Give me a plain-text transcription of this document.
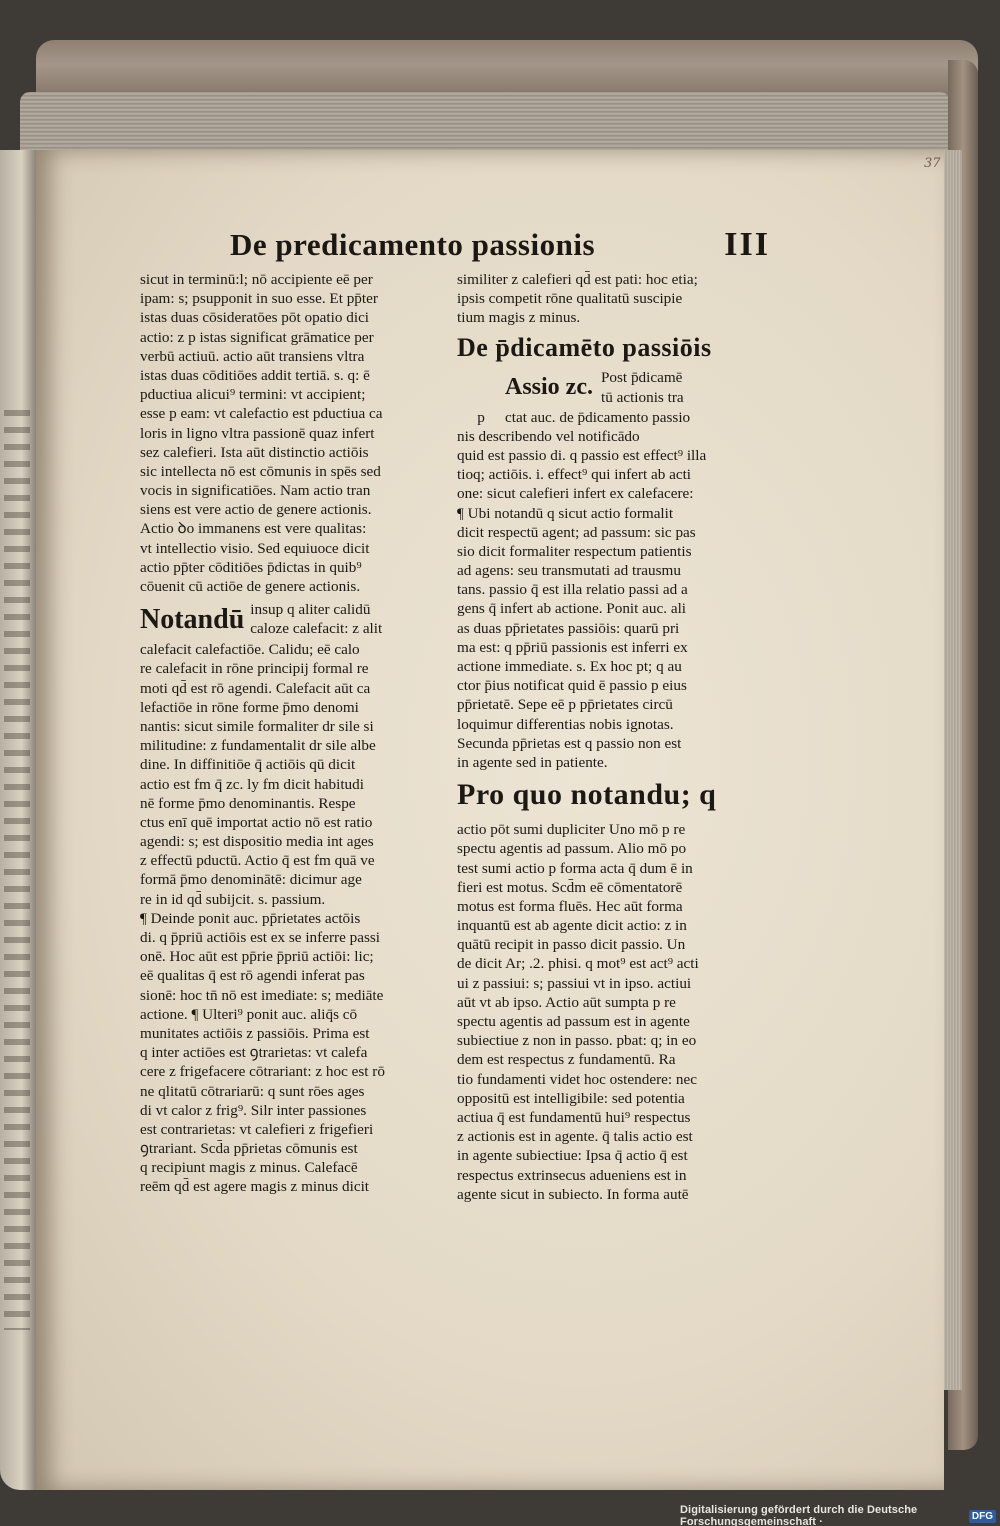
37
De predicamento passionis	III
sicut in terminū:l; nō accipiente eē per
ipam: s; psupponit in suo esse. Et pp̄ter
istas duas cōsideratōes pōt opatio dici
actio: z p istas significat grāmatice per
verbū actiuū. actio aūt transiens vltra
istas duas cōditiōes addit tertiā. s. q: ē
pductiua alicui⁹ termini: vt accipient;
esse p eam: vt calefactio est pductiua ca
loris in ligno vltra passionē quaz infert
sez calefieri. Ista aūt distinctio actiōis
sic intellecta nō est cōmunis in spēs sed
vocis in significatiōes. Nam actio tran
siens est vere actio de genere actionis.
Actio ꝺo immanens est vere qualitas:
vt intellectio visio. Sed equiuoce dicit
actio pp̄ter cōditiōes p̄dictas in quib⁹
cōuenit cū actiōe de genere actionis.
Notandū insup q aliter calidū
caloze calefacit: z alit
calefacit calefactiōe. Calidu; eē calo
re calefacit in rōne principij formal re
moti qd̄ est rō agendi. Calefacit aūt ca
lefactiōe in rōne forme p̄mo denomi
nantis: sicut simile formaliter dr sile si
militudine: z fundamentalit dr sile albe
dine. In diffinitiōe q̄ actiōis qū dicit
actio est fm q̄ zc. ly fm dicit habitudi
nē forme p̄mo denominantis. Respe
ctus enī quē importat actio nō est ratio
agendi: s; est dispositio media int ages
z effectū pductū. Actio q̄ est fm quā ve
formā p̄mo denominātē: dicimur age
re in id qd̄ subijcit. s. passium.
¶ Deinde ponit auc. pp̄rietates actōis
di. q p̄priū actiōis est ex se inferre passi
onē. Hoc aūt est pp̄rie p̄priū actiōi: lic;
eē qualitas q̄ est rō agendi inferat pas
sionē: hoc tn̄ nō est imediate: s; mediāte
actione. ¶ Ulteri⁹ ponit auc. aliq̄s cō
munitates actiōis z passiōis. Prima est
q inter actiōes est ꝯtrarietas: vt calefa
cere z frigefacere cōtrariant: z hoc est rō
ne qlitatū cōtrariarū: q sunt rōes ages
di vt calor z frig⁹. Silr inter passiones
est contrarietas: vt calefieri z frigefieri
ꝯtrariant. Scd̄a pp̄rietas cōmunis est
q recipiunt magis z minus. Calefacē
reēm qd̄ est agere magis z minus dicit
similiter z calefieri qd̄ est pati: hoc etia;
ipsis competit rōne qualitatū suscipie
tium magis z minus.
De p̄dicamēto passiōis
Assio zc. Post p̄dicamē
tū actionis tra
p	ctat auc. de p̄dicamento passio
nis describendo vel notificādo
quid est passio di. q passio est effect⁹ illa
tioq; actiōis. i. effect⁹ qui infert ab acti
one: sicut calefieri infert ex calefacere:
¶ Ubi notandū q sicut actio formalit
dicit respectū agent; ad passum: sic pas
sio dicit formaliter respectum patientis
ad agens: seu transmutati ad trausmu
tans. passio q̄ est illa relatio passi ad a
gens q̄ infert ab actione. Ponit auc. ali
as duas pp̄rietates passiōis: quarū pri
ma est: q pp̄riū passionis est inferri ex
actione immediate. s. Ex hoc pt; q au
ctor p̄ius notificat quid ē passio p eius
pp̄rietatē. Sepe eē p pp̄rietates circū
loquimur differentias nobis ignotas.
Secunda pp̄rietas est q passio non est
in agente sed in patiente.
Pro quo notandu; q
actio pōt sumi dupliciter Uno mō p re
spectu agentis ad passum. Alio mō po
test sumi actio p forma acta q̄ dum ē in
fieri est motus. Scd̄m eē cōmentatorē
motus est forma fluēs. Hec aūt forma
inquantū est ab agente dicit actio: z in
quātū recipit in passo dicit passio. Un
de dicit Ar; .2. phisi. q mot⁹ est act⁹ acti
ui z passiui: s; passiui vt in ipso. actiui
aūt vt ab ipso. Actio aūt sumpta p re
spectu agentis ad passum est in agente
subiectiue z non in passo. pbat: q; in eo
dem est respectus z fundamentū. Ra
tio fundamenti videt hoc ostendere: nec
oppositū est intelligibile: sed potentia
actiua q̄ est fundamentū hui⁹ respectus
z actionis est in agente. q̄ talis actio est
in agente subiectiue: Ipsa q̄ actio q̄ est
respectus extrinsecus adueniens est in
agente sicut in subiecto. In forma autē
Digitalisierung gefördert durch die Deutsche Forschungsgemeinschaft ·	DFG
